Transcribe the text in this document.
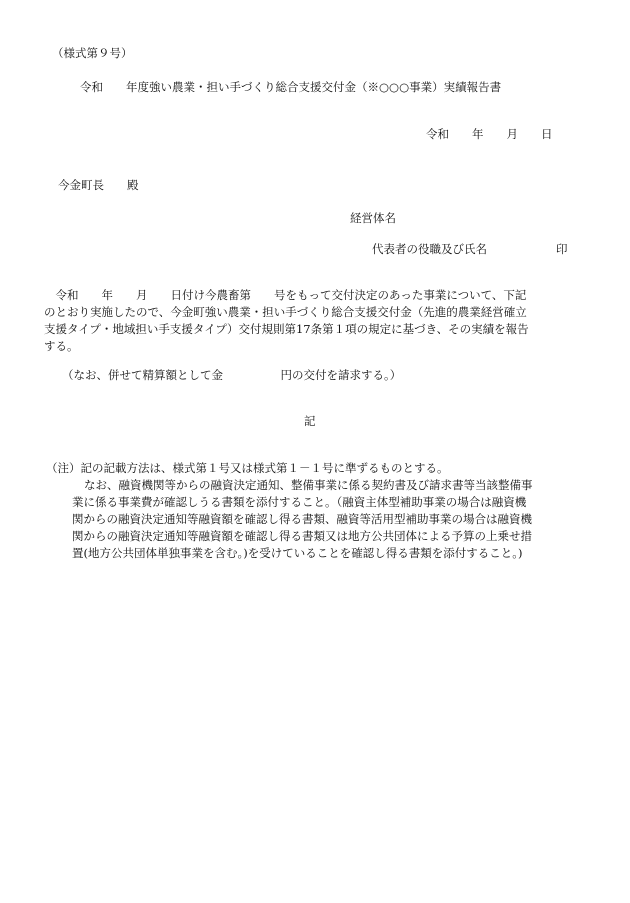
（様式第９号）
令和　　年度強い農業・担い手づくり総合支援交付金（※○○○事業）実績報告書
令和　　年　　月　　日
今金町長　　殿
経営体名
代表者の役職及び氏名　　　　　　印
　令和　　年　　月　　日付け今農畜第　　号をもって交付決定のあった事業について、下記
のとおり実施したので、今金町強い農業・担い手づくり総合支援交付金（先進的農業経営確立
支援タイプ・地域担い手支援タイプ）交付規則第17条第１項の規定に基づき、その実績を報告
する。
（なお、併せて精算額として金　　　　　円の交付を請求する。）
記
（注）記の記載方法は、様式第１号又は様式第１－１号に準ずるものとする。
なお、融資機関等からの融資決定通知、整備事業に係る契約書及び請求書等当該整備事
業に係る事業費が確認しうる書類を添付すること。（融資主体型補助事業の場合は融資機
関からの融資決定通知等融資額を確認し得る書類、融資等活用型補助事業の場合は融資機
関からの融資決定通知等融資額を確認し得る書類又は地方公共団体による予算の上乗せ措
置(地方公共団体単独事業を含む。)を受けていることを確認し得る書類を添付すること。)
